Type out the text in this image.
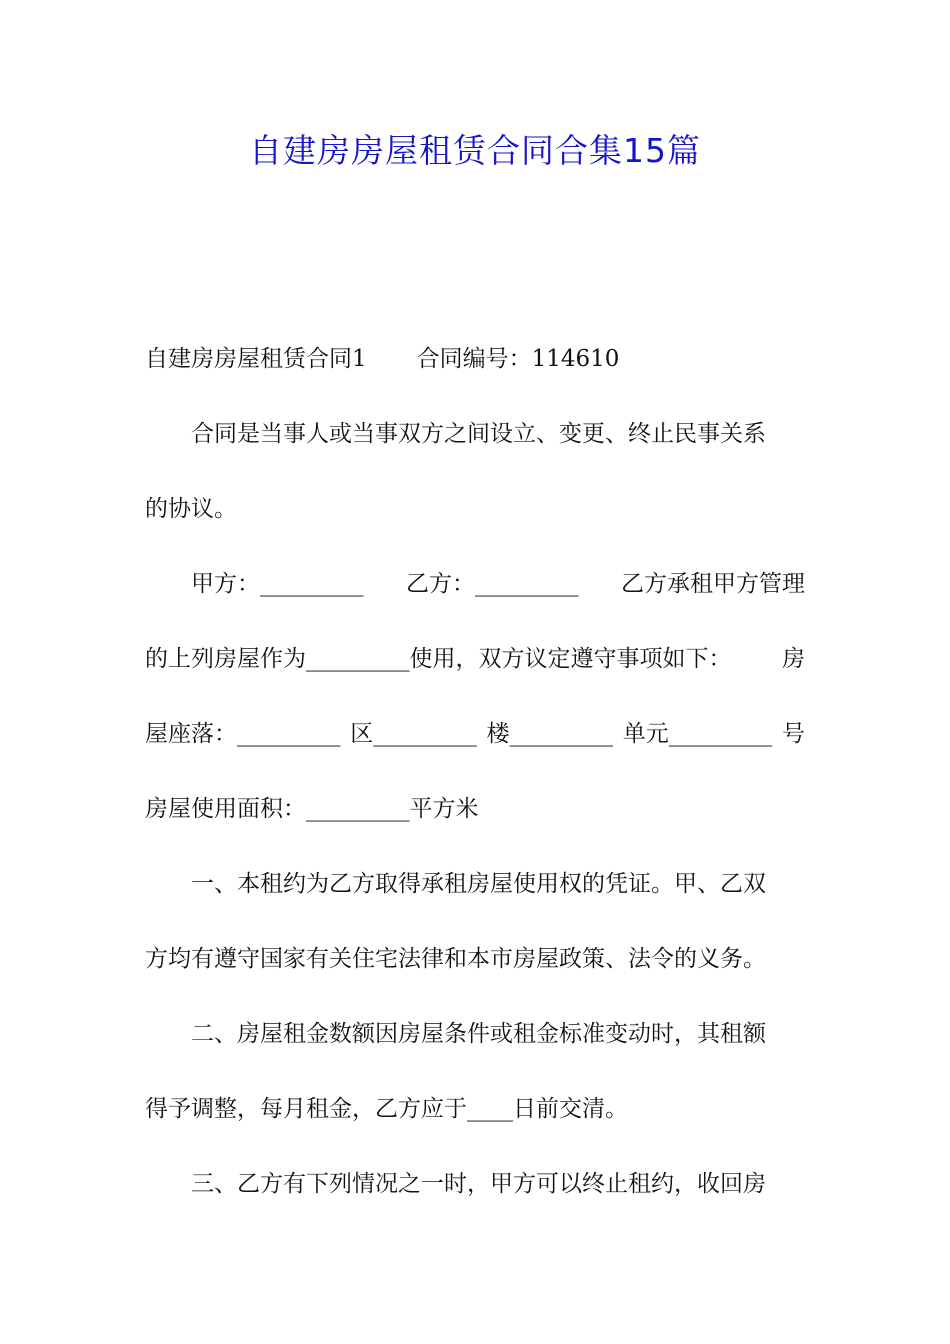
自建房房屋租赁合同合集15篇
自建房房屋租赁合同1 合同编号：114610
合同是当事人或当事双方之间设立、变更、终止民事关系
的协议。
甲方：_________ 乙方：_________ 乙方承租甲方管理
的上列房屋作为_________使用，双方议定遵守事项如下： 房
屋座落：_________ 区_________ 楼_________ 单元_________ 号
房屋使用面积：_________平方米
一、本租约为乙方取得承租房屋使用权的凭证。甲、乙双
方均有遵守国家有关住宅法律和本市房屋政策、法令的义务。
二、房屋租金数额因房屋条件或租金标准变动时，其租额
得予调整，每月租金，乙方应于____日前交清。
三、乙方有下列情况之一时，甲方可以终止租约，收回房
